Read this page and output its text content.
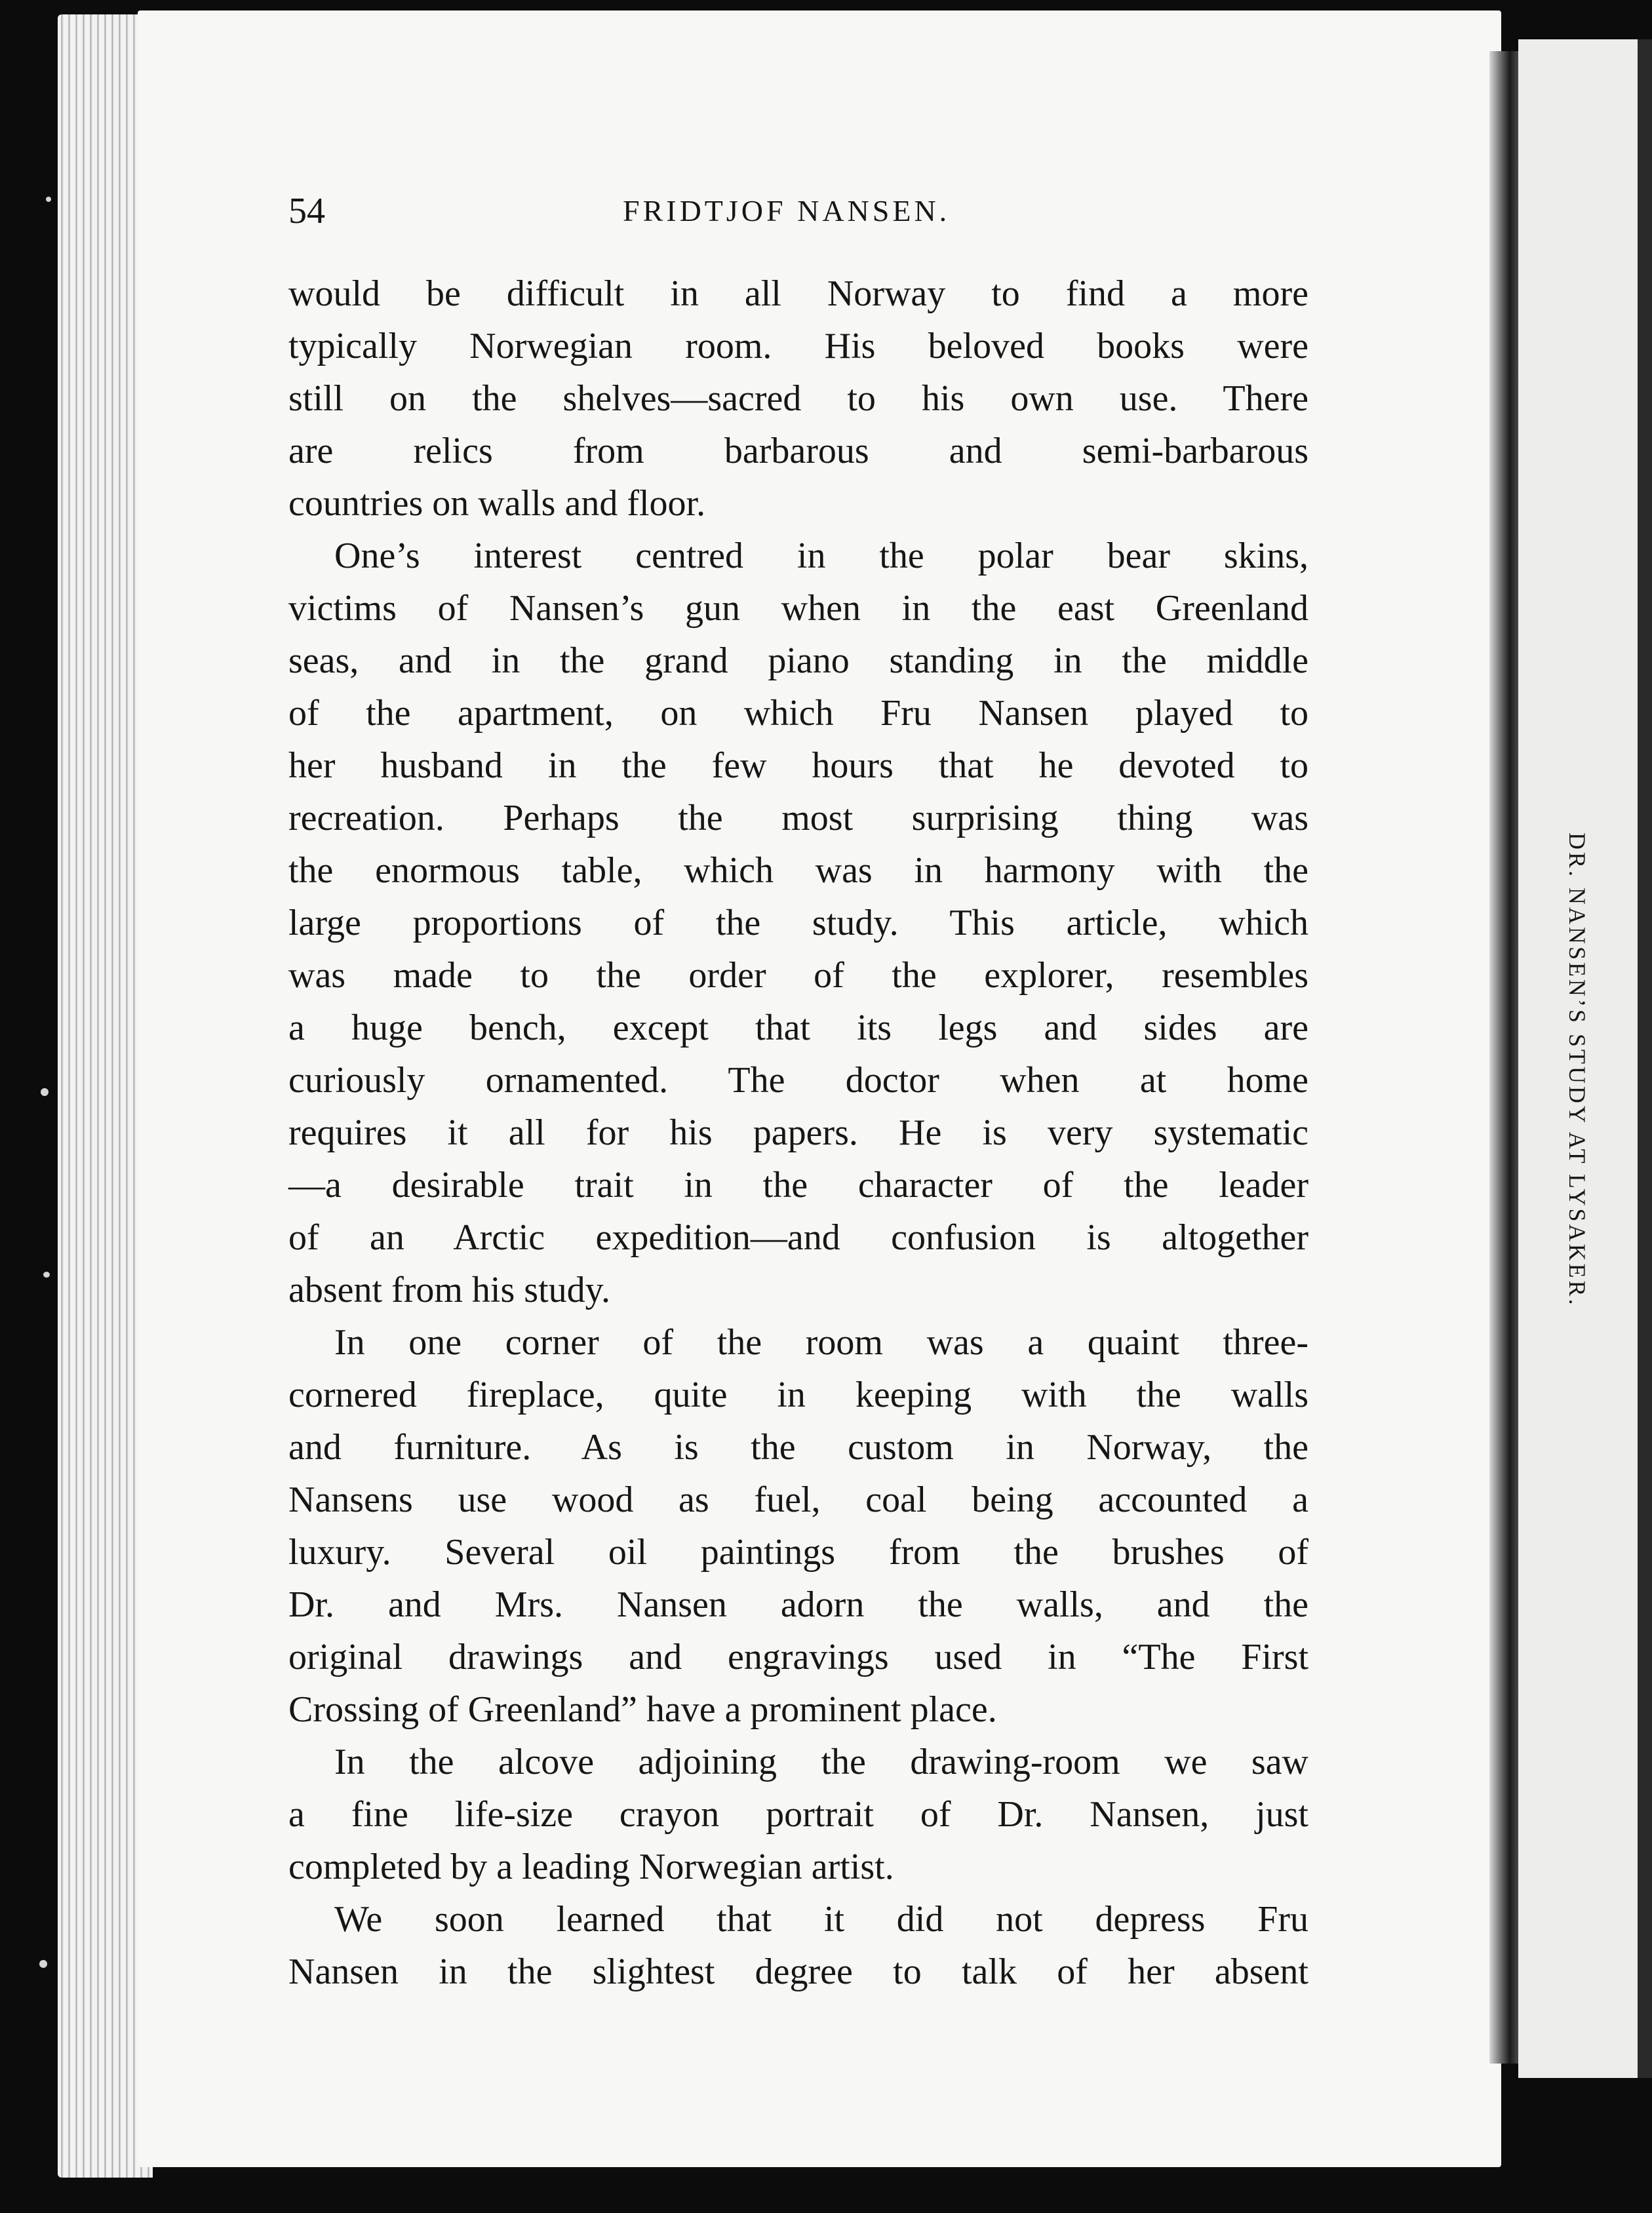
54	FRIDTJOF NANSEN.
would be difficult in all Norway to find a more
typically Norwegian room. His beloved books were
still on the shelves—sacred to his own use. There
are relics from barbarous and semi-barbarous
countries on walls and floor.
One’s interest centred in the polar bear skins,
victims of Nansen’s gun when in the east Greenland
seas, and in the grand piano standing in the middle
of the apartment, on which Fru Nansen played to
her husband in the few hours that he devoted to
recreation. Perhaps the most surprising thing was
the enormous table, which was in harmony with the
large proportions of the study. This article, which
was made to the order of the explorer, resembles
a huge bench, except that its legs and sides are
curiously ornamented. The doctor when at home
requires it all for his papers. He is very systematic
—a desirable trait in the character of the leader
of an Arctic expedition—and confusion is altogether
absent from his study.
In one corner of the room was a quaint three-
cornered fireplace, quite in keeping with the walls
and furniture. As is the custom in Norway, the
Nansens use wood as fuel, coal being accounted a
luxury. Several oil paintings from the brushes of
Dr. and Mrs. Nansen adorn the walls, and the
original drawings and engravings used in “The First
Crossing of Greenland” have a prominent place.
In the alcove adjoining the drawing-room we saw
a fine life-size crayon portrait of Dr. Nansen, just
completed by a leading Norwegian artist.
We soon learned that it did not depress Fru
Nansen in the slightest degree to talk of her absent
DR. NANSEN’S STUDY AT LYSAKER.
